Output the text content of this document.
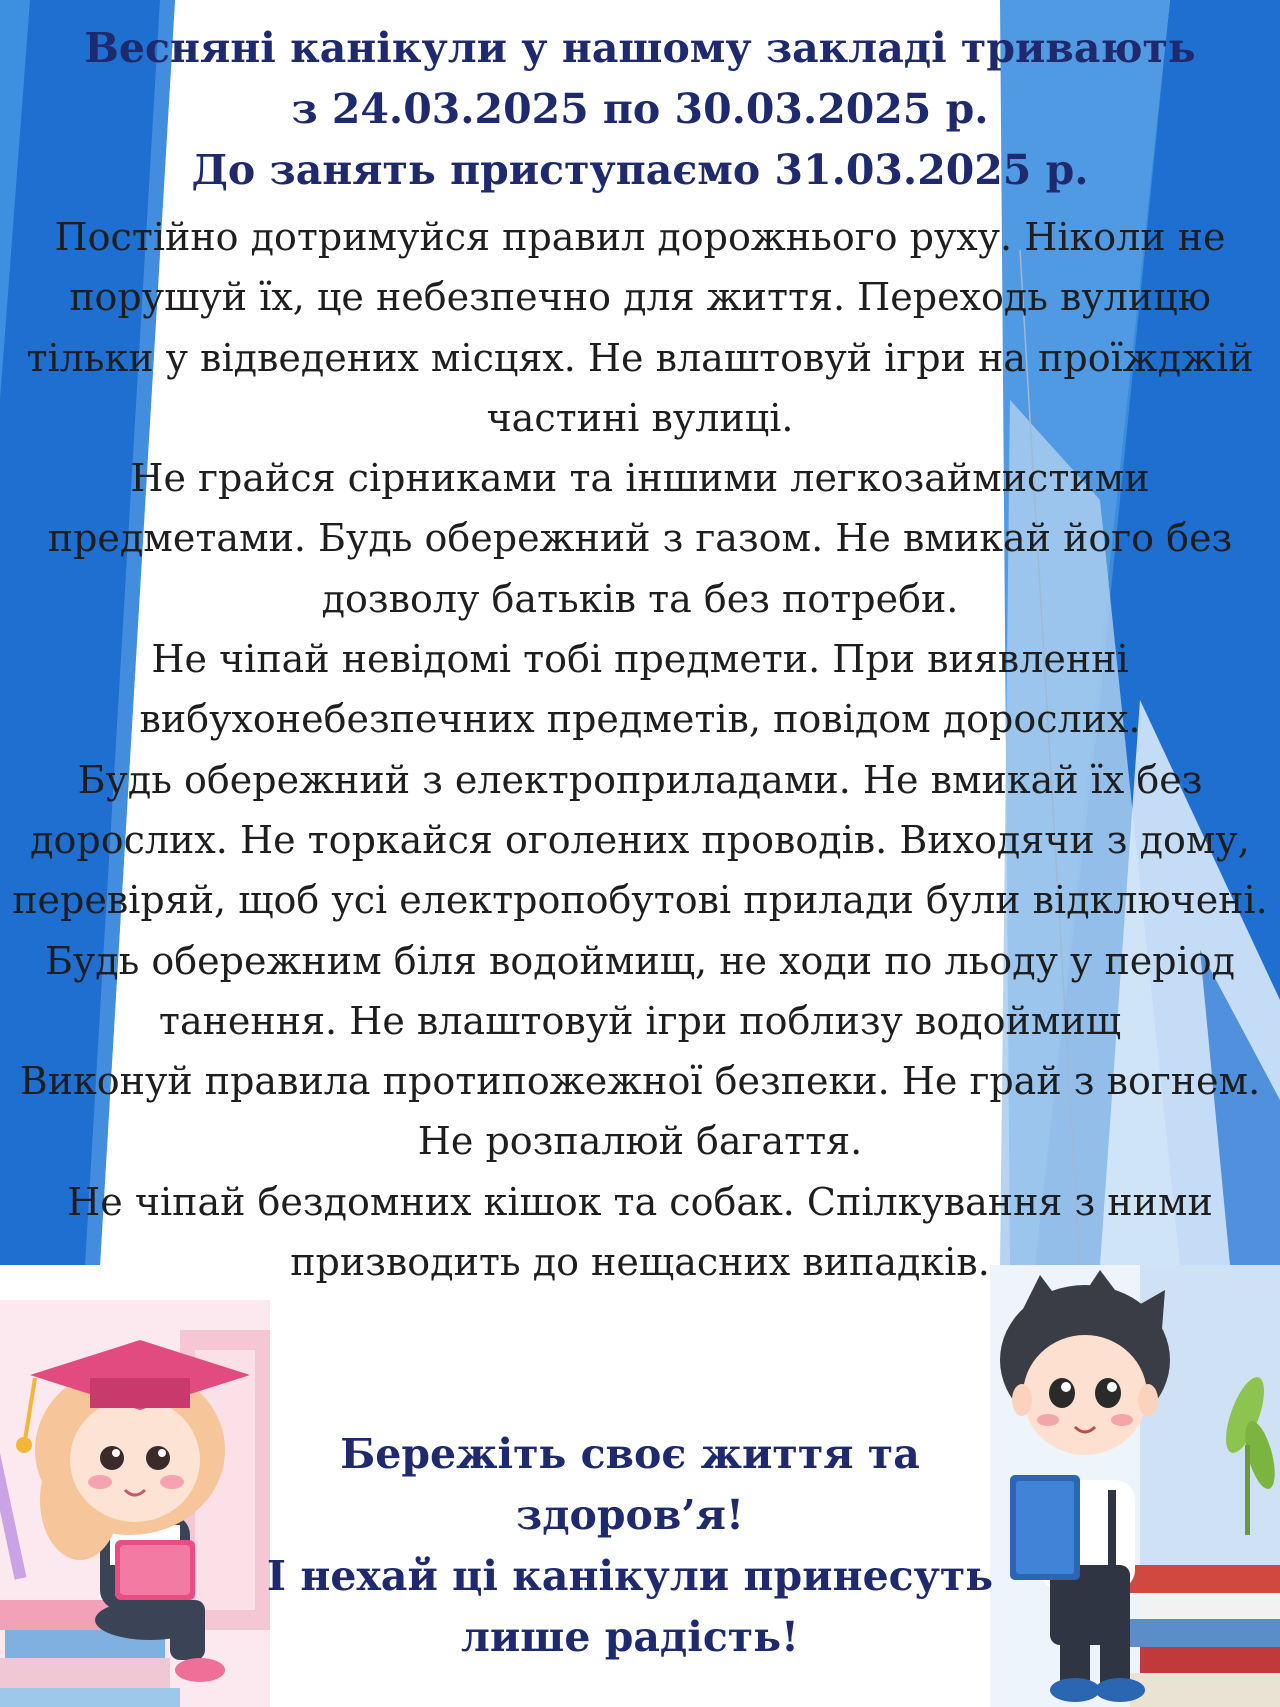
Весняні канікули у нашому закладі тривають
з 24.03.2025 по 30.03.2025 р.
До занять приступаємо 31.03.2025 р.
Постійно дотримуйся правил дорожнього руху. Ніколи не порушуй їх, це небезпечно для життя. Переходь вулицю тільки у відведених місцях. Не влаштовуй ігри на проїжджій частині вулиці.
Не грайся сірниками та іншими легкозаймистими предметами. Будь обережний з газом. Не вмикай його без дозволу батьків та без потреби.
Не чіпай невідомі тобі предмети. При виявленні вибухонебезпечних предметів, повідом дорослих.
Будь обережний з електроприладами. Не вмикай їх без дорослих. Не торкайся оголених проводів. Виходячи з дому, перевіряй, щоб усі електропобутові прилади були відключені.
Будь обережним біля водоймищ, не ходи по льоду у період танення. Не влаштовуй ігри поблизу водоймищ
Виконуй правила протипожежної безпеки. Не грай з вогнем. Не розпалюй багаття.
Не чіпай бездомних кішок та собак. Спілкування з ними призводить до нещасних випадків.
Бережіть своє життя та
здоров’я!
І нехай ці канікули принесуть
лише радість!
